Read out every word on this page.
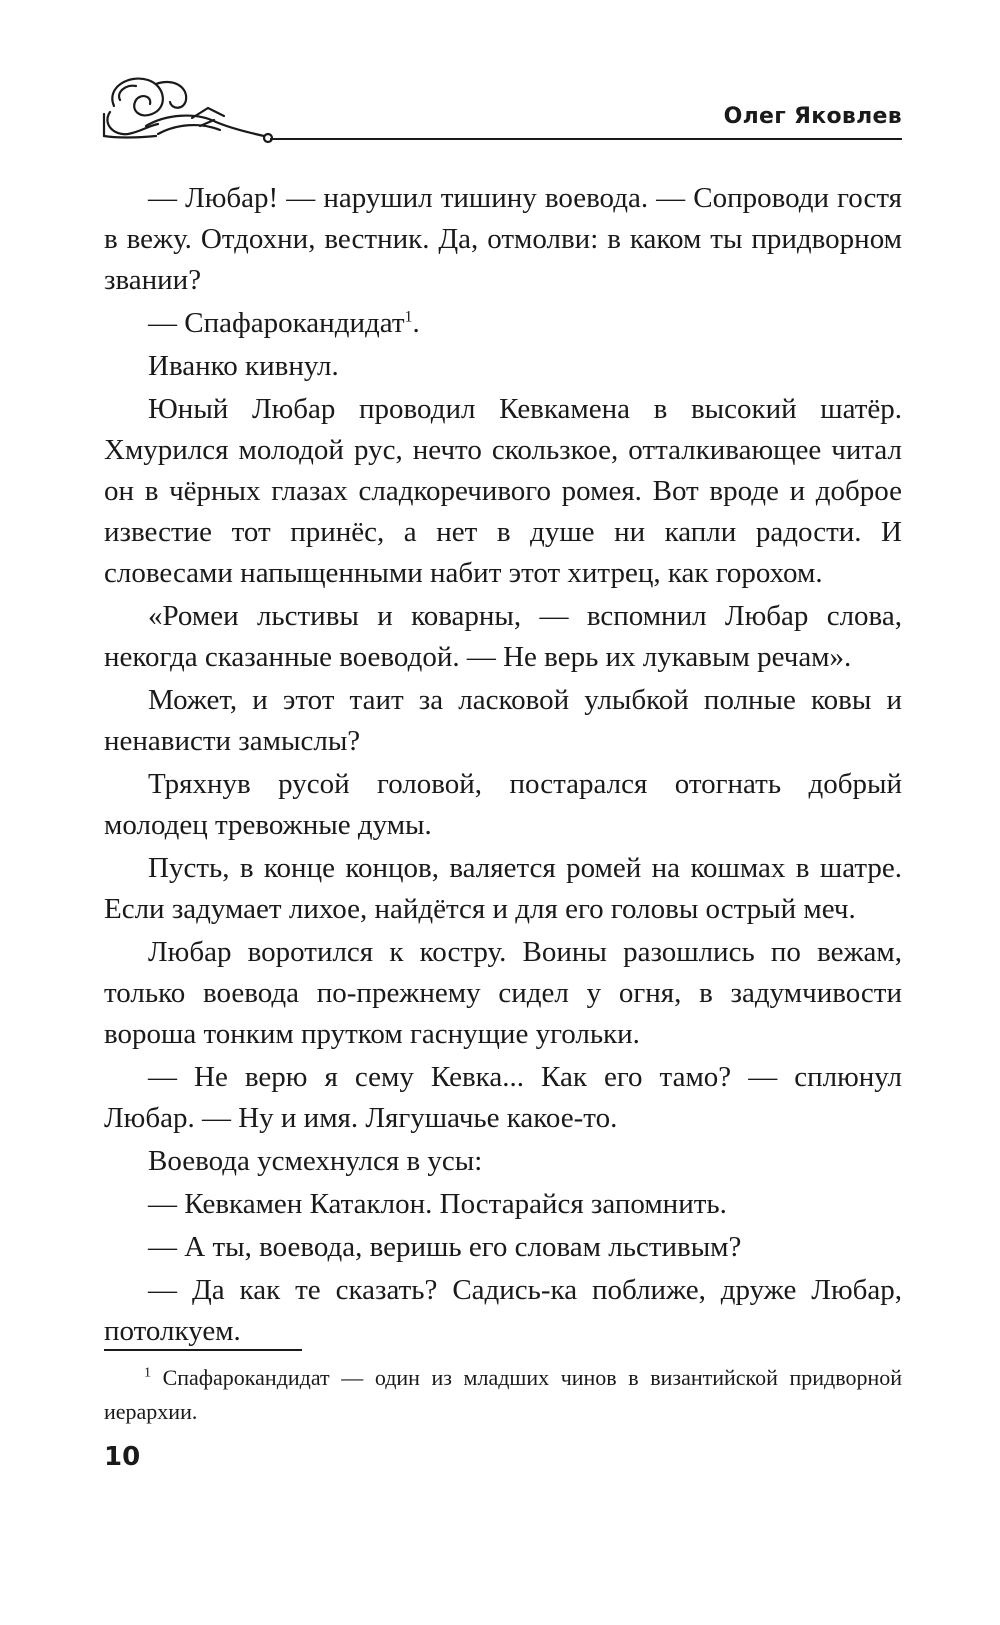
Олег Яковлев

— Любар! — нарушил тишину воевода. — Сопроводи гостя в вежу. Отдохни, вестник. Да, отмолви: в каком ты придворном звании?

— Спафарокандидат$^1$.

Иванко кивнул.

Юный Любар проводил Кевкамена в высокий шатёр. Хмурился молодой рус, нечто скользкое, отталкивающее читал он в чёрных глазах сладкоречивого ромея. Вот вроде и доброе известие тот принёс, а нет в душе ни капли радости. И словесами напыщенными набит этот хитрец, как горохом.

«Ромеи льстивы и коварны, — вспомнил Любар слова, некогда сказанные воеводой. — Не верь их лукавым речам».

Может, и этот таит за ласковой улыбкой полные ковы и ненависти замыслы?

Тряхнув русой головой, постарался отогнать добрый молодец тревожные думы.

Пусть, в конце концов, валяется ромей на кошмах в шатре. Если задумает лихое, найдётся и для его головы острый меч.

Любар воротился к костру. Воины разошлись по вежам, только воевода по-прежнему сидел у огня, в задумчивости вороша тонким прутком гаснущие угольки.

— Не верю я сему Кевка... Как его тамо? — сплюнул Любар. — Ну и имя. Лягушачье какое-то.

Воевода усмехнулся в усы:

— Кевкамен Катаклон. Постарайся запомнить.

— А ты, воевода, веришь его словам льстивым?

— Да как те сказать? Садись-ка поближе, друже Любар, потолкуем.

$^1$ Спафарокандидат — один из младших чинов в византийской придворной иерархии.
10
